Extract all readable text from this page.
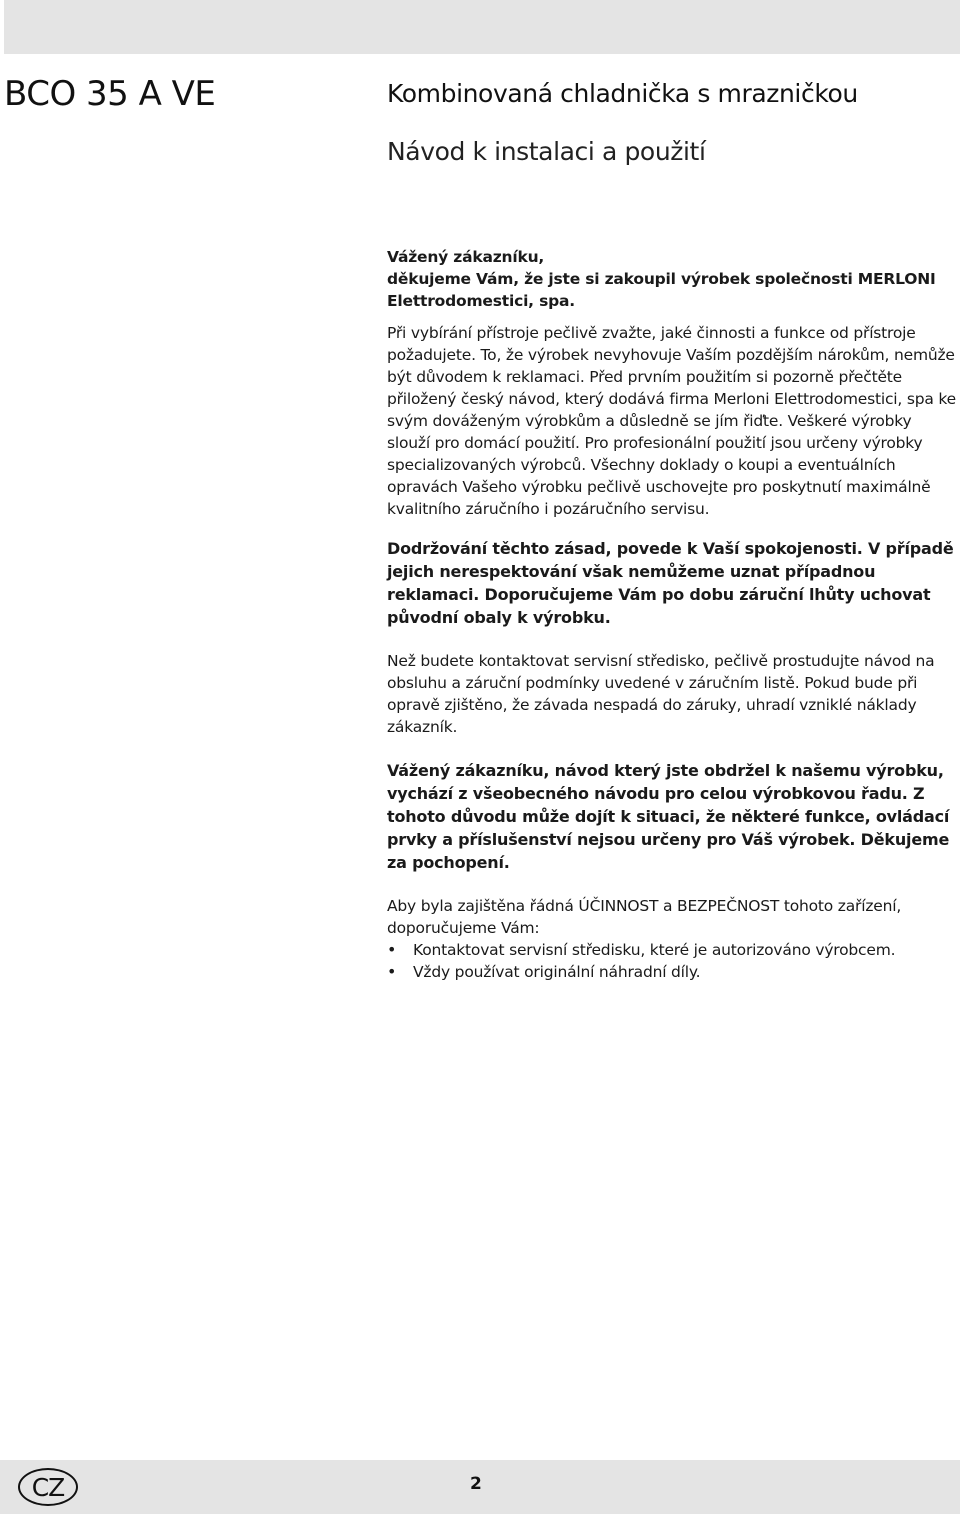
BCO 35 A VE	Kombinovaná chladnička s mrazničkou
Návod k instalaci a použití

Vážený zákazníku,

děkujeme Vám, že jste si zakoupil výrobek společnosti MERLONI Elettrodomestici, spa.

Při vybírání přístroje pečlivě zvažte, jaké činnosti a funkce od přístroje požadujete. To, že výrobek nevyhovuje Vaším pozdějším nárokům, nemůže být důvodem k reklamaci. Před prvním použitím si pozorně přečtěte přiložený český návod, který dodává firma Merloni Elettrodomestici, spa ke svým dováženým výrobkům a důsledně se jím řiďte. Veškeré výrobky slouží pro domácí použití. Pro profesionální použití jsou určeny výrobky specializovaných výrobců. Všechny doklady o koupi a eventuálních opravách Vašeho výrobku pečlivě uschovejte pro poskytnutí maximálně kvalitního záručního i pozáručního servisu.

Dodržování těchto zásad, povede k Vaší spokojenosti. V případě jejich nerespektování však nemůžeme uznat případnou reklamaci. Doporučujeme Vám po dobu záruční lhůty uchovat původní obaly k výrobku.

Než budete kontaktovat servisní středisko, pečlivě prostudujte návod na obsluhu a záruční podmínky uvedené v záručním listě. Pokud bude při opravě zjištěno, že závada nespadá do záruky, uhradí vzniklé náklady zákazník.

Vážený zákazníku, návod který jste obdržel k našemu výrobku, vychází z všeobecného návodu pro celou výrobkovou řadu. Z tohoto důvodu může dojít k situaci, že některé funkce, ovládací prvky a příslušenství nejsou určeny pro Váš výrobek. Děkujeme za pochopení.

Aby byla zajištěna řádná ÚČINNOST a BEZPEČNOST tohoto zařízení, doporučujeme Vám:

• Kontaktovat servisní středisku, které je autorizováno výrobcem.
• Vždy používat originální náhradní díly.
CZ	2
